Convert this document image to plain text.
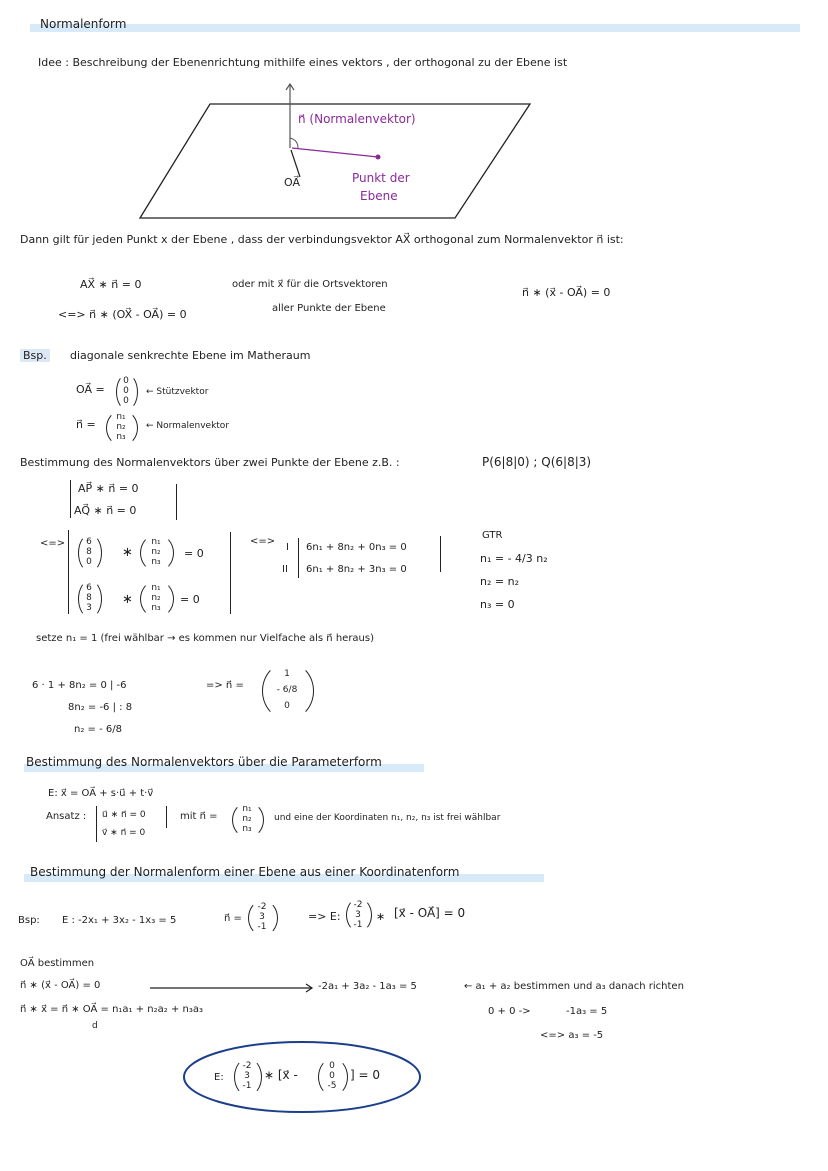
Normalenform
Idee : Beschreibung der Ebenenrichtung mithilfe eines vektors , der orthogonal zu der Ebene ist
n⃗ (Normalenvektor)
OA⃗	Punkt der
Ebene
Dann gilt für jeden Punkt x der Ebene , dass der verbindungsvektor AX⃗ orthogonal zum Normalenvektor n⃗ ist:
AX⃗ ∗ n⃗ = 0
<=> n⃗ ∗ (OX⃗ - OA⃗) = 0
oder mit x⃗ für die Ortsvektoren
aller Punkte der Ebene
n⃗ ∗ (x⃗ - OA⃗) = 0
Bsp. diagonale senkrechte Ebene im Matheraum
OA⃗ =
0
0
0
← Stützvektor
n⃗ =
n₁
n₂
n₃
← Normalenvektor
Bestimmung des Normalenvektors über zwei Punkte der Ebene z.B. :	P(6|8|0) ; Q(6|8|3)
AP⃗ ∗ n⃗ = 0
AQ⃗ ∗ n⃗ = 0
<=>	6
8
0
∗
n₁
n₂
n₃
= 0
6
8
3
∗
n₁
n₂
n₃
= 0
<=>
I
II
6n₁ + 8n₂ + 0n₃ = 0
6n₁ + 8n₂ + 3n₃ = 0
GTR
n₁ = - 4/3 n₂
n₂ = n₂
n₃ = 0
setze n₁ = 1 (frei wählbar → es kommen nur Vielfache als n⃗ heraus)
6 · 1 + 8n₂ = 0 | -6
8n₂ = -6 | : 8
n₂ = - 6/8
=> n⃗ =
1
- 6/8
0
Bestimmung des Normalenvektors über die Parameterform
E: x⃗ = OA⃗ + s·u⃗ + t·v⃗
Ansatz : u⃗ ∗ n⃗ = 0
v⃗ ∗ n⃗ = 0
mit n⃗ =
n₁
n₂
n₃
und eine der Koordinaten n₁, n₂, n₃ ist frei wählbar
Bestimmung der Normalenform einer Ebene aus einer Koordinatenform
Bsp: E : -2x₁ + 3x₂ - 1x₃ = 5	n⃗ =
-2
3
-1
=> E:
-2
3
-1
∗ [x⃗ - OA⃗] = 0
OA⃗ bestimmen
n⃗ ∗ (x⃗ - OA⃗) = 0	-2a₁ + 3a₂ - 1a₃ = 5	← a₁ + a₂ bestimmen und a₃ danach richten
n⃗ ∗ x⃗ = n⃗ ∗ OA⃗ = n₁a₁ + n₂a₂ + n₃a₃
d
0 + 0 ->	-1a₃ = 5
<=> a₃ = -5
E:
-2
3
-1
∗ [x⃗ -
0
0
-5
] = 0
